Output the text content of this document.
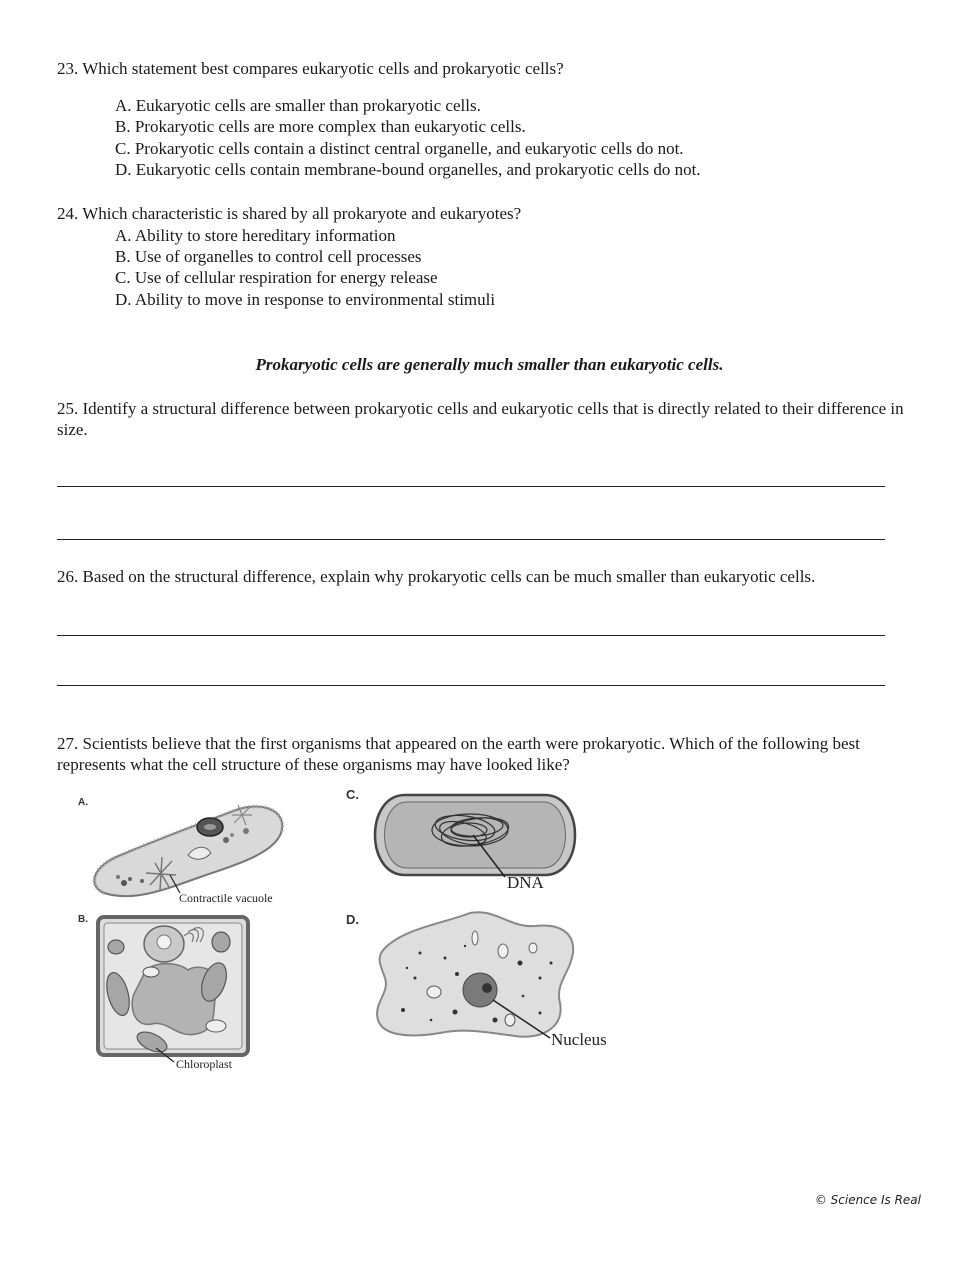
23. Which statement best compares eukaryotic cells and prokaryotic cells?
A. Eukaryotic cells are smaller than prokaryotic cells.
B. Prokaryotic cells are more complex than eukaryotic cells.
C. Prokaryotic cells contain a distinct central organelle, and eukaryotic cells do not.
D. Eukaryotic cells contain membrane-bound organelles, and prokaryotic cells do not.
24. Which characteristic is shared by all prokaryote and eukaryotes?
A. Ability to store hereditary information
B. Use of organelles to control cell processes
C. Use of cellular respiration for energy release
D. Ability to move in response to environmental stimuli
Prokaryotic cells are generally much smaller than eukaryotic cells.
25. Identify a structural difference between prokaryotic cells and eukaryotic cells that is directly related to their difference in size.
26. Based on the structural difference, explain why prokaryotic cells can be much smaller than eukaryotic cells.
27. Scientists believe that the first organisms that appeared on the earth were prokaryotic. Which of the following best represents what the cell structure of these organisms may have looked like?
A.
Contractile vacuole
B.
Chloroplast
C.
DNA
D.
Nucleus
© Science Is Real
